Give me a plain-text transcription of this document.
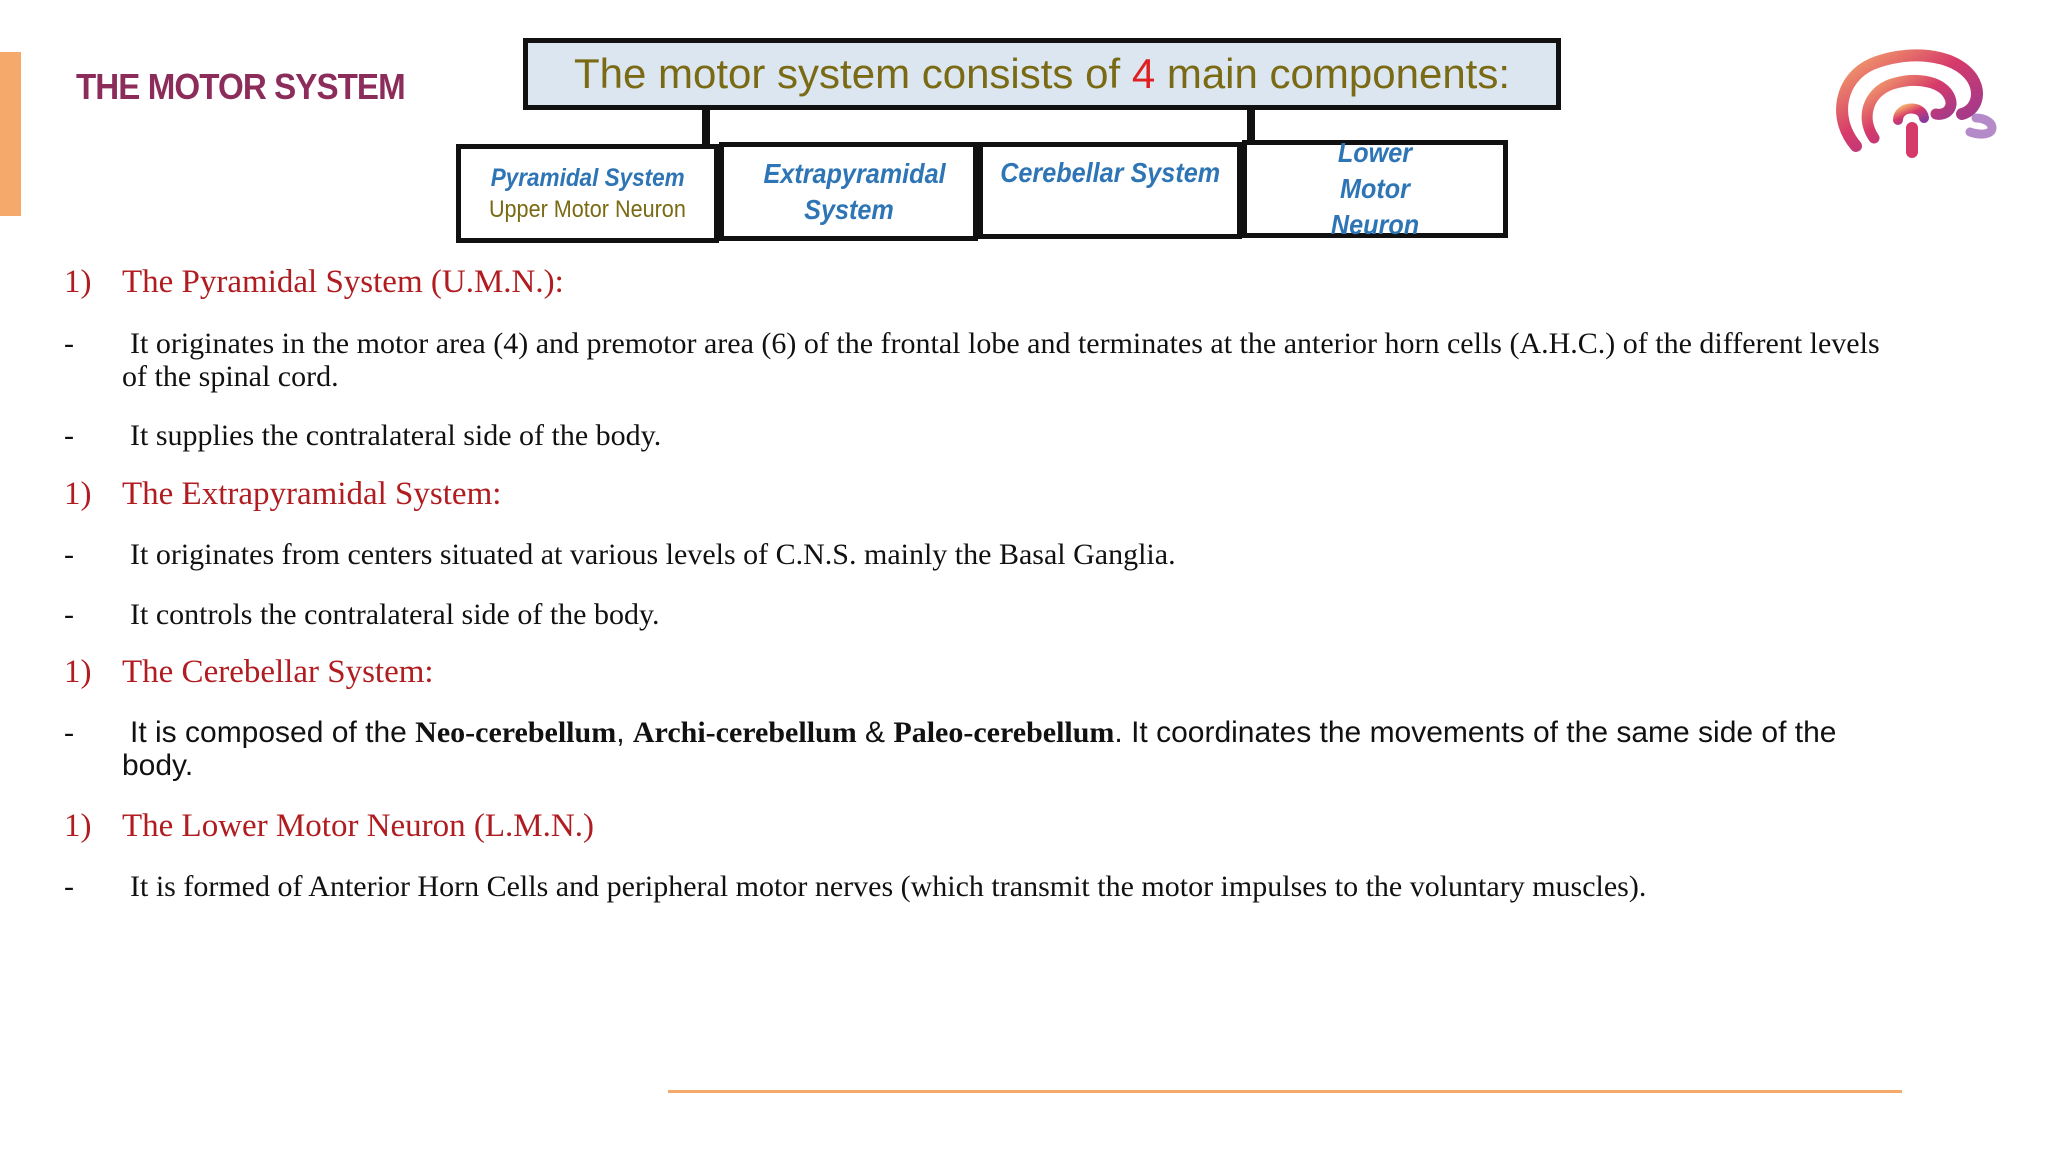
THE MOTOR SYSTEM	The motor system consists of 4 main components:
Pyramidal System
Upper Motor Neuron
Extrapyramidal System
Cerebellar System
Lower Motor Neuron
1) The Pyramidal System (U.M.N.):
- It originates in the motor area (4) and premotor area (6) of the frontal lobe and terminates at the anterior horn cells (A.H.C.) of the different levels of the spinal cord.
- It supplies the contralateral side of the body.
1) The Extrapyramidal System:
- It originates from centers situated at various levels of C.N.S. mainly the Basal Ganglia.
- It controls the contralateral side of the body.
1) The Cerebellar System:
- It is composed of the Neo-cerebellum, Archi-cerebellum & Paleo-cerebellum. It coordinates the movements of the same side of the body.
1) The Lower Motor Neuron (L.M.N.)
- It is formed of Anterior Horn Cells and peripheral motor nerves (which transmit the motor impulses to the voluntary muscles).
